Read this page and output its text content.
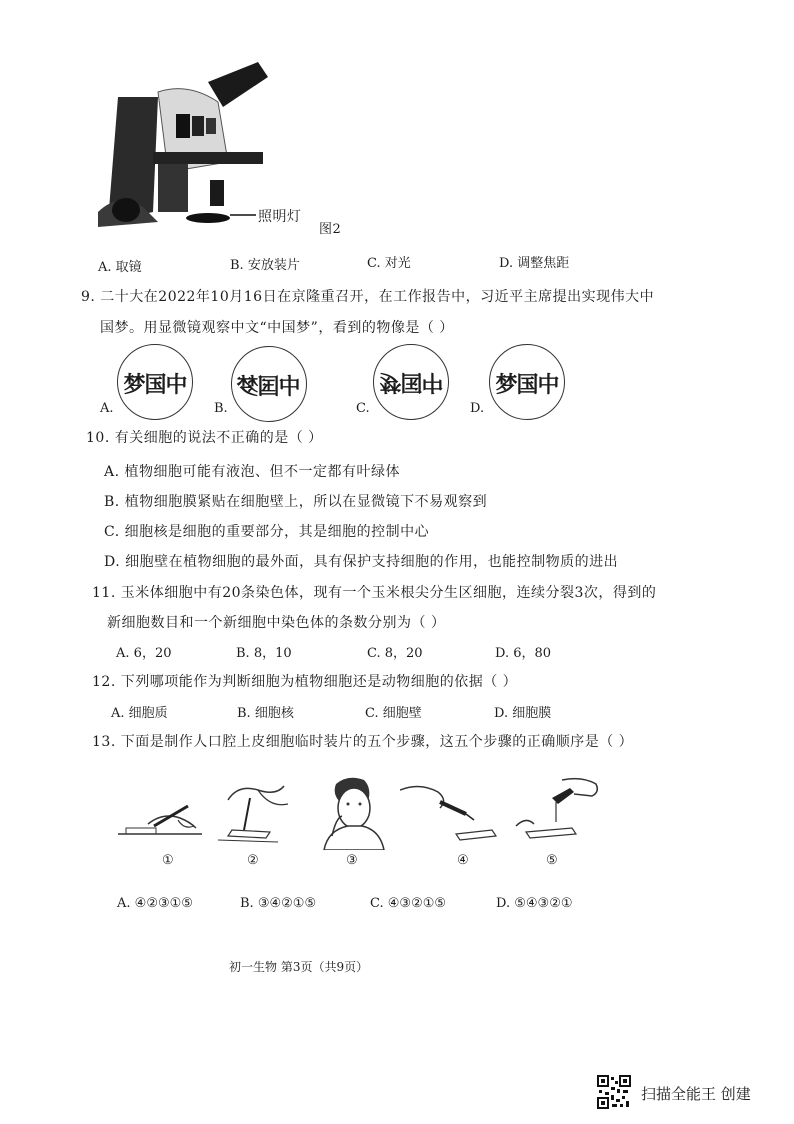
照明灯
图2
A. 取镜	B. 安放装片	C. 对光	D. 调整焦距
9. 二十大在2022年10月16日在京隆重召开，在工作报告中，习近平主席提出实现伟大中
国梦。用显微镜观察中文“中国梦”，看到的物像是（ ）
梦国中
A.
中国梦
B.
梦国中
C.
梦国中
D.
10. 有关细胞的说法不正确的是（ ）
A. 植物细胞可能有液泡、但不一定都有叶绿体
B. 植物细胞膜紧贴在细胞壁上，所以在显微镜下不易观察到
C. 细胞核是细胞的重要部分，其是细胞的控制中心
D. 细胞壁在植物细胞的最外面，具有保护支持细胞的作用，也能控制物质的进出
11. 玉米体细胞中有20条染色体，现有一个玉米根尖分生区细胞，连续分裂3次，得到的
新细胞数目和一个新细胞中染色体的条数分别为（ ）
A. 6，20	B. 8，10	C. 8，20	D. 6，80
12. 下列哪项能作为判断细胞为植物细胞还是动物细胞的依据（ ）
A. 细胞质	B. 细胞核	C. 细胞壁	D. 细胞膜
13. 下面是制作人口腔上皮细胞临时装片的五个步骤，这五个步骤的正确顺序是（ ）
①	②	③	④	⑤
A. ④②③①⑤	B. ③④②①⑤	C. ④③②①⑤	D. ⑤④③②①
初一生物 第3页（共9页）
扫描全能王 创建
